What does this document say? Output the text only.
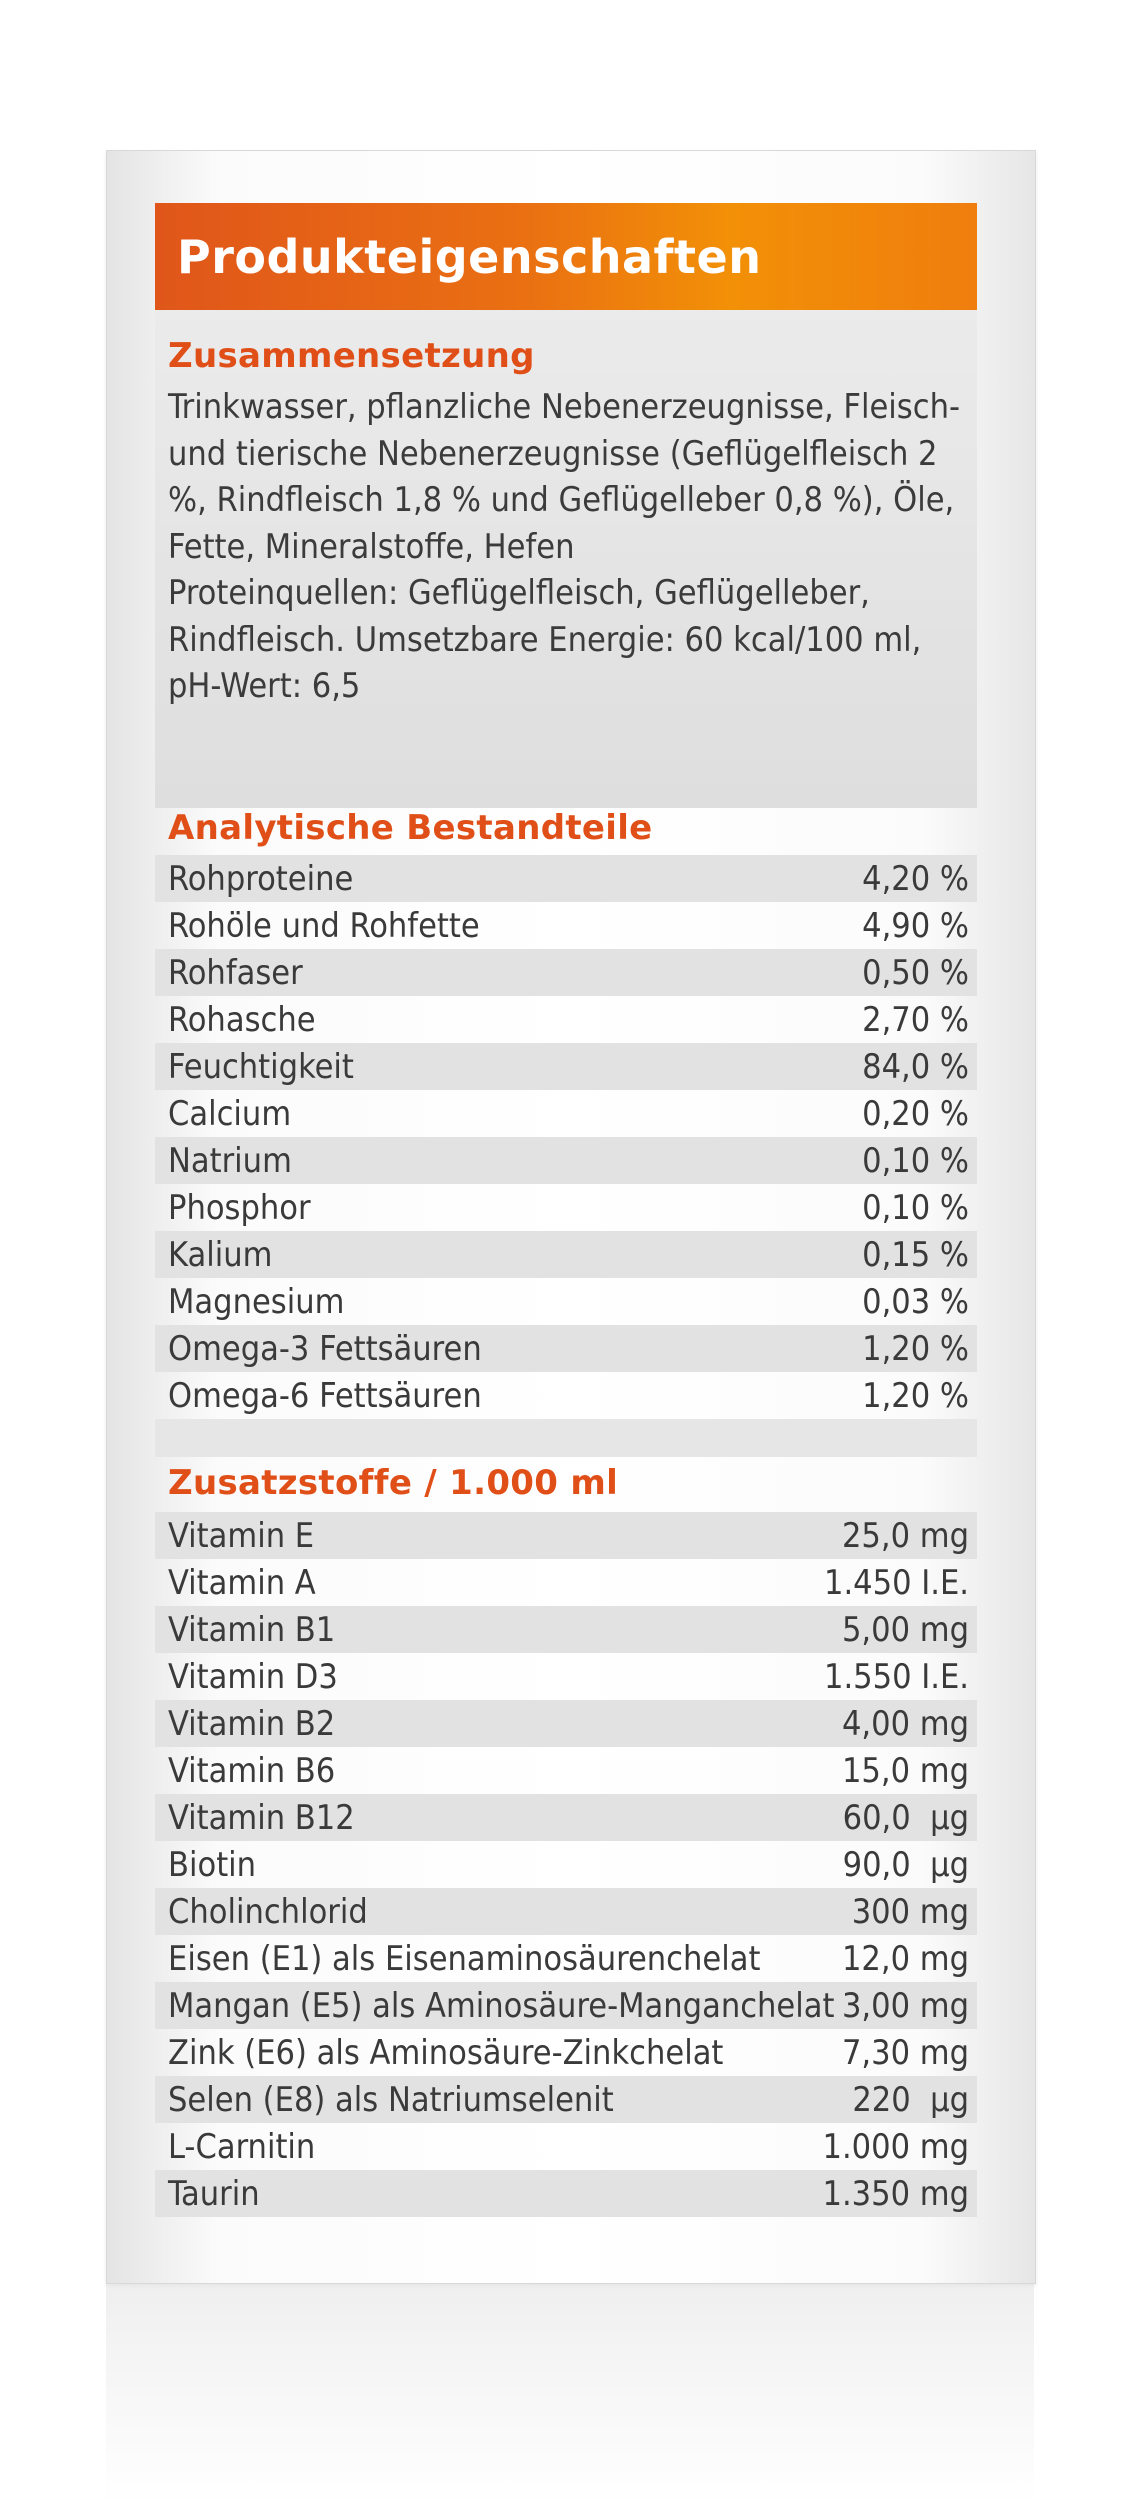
Produkteigenschaften
Zusammensetzung

Trinkwasser, pflanzliche Nebenerzeugnisse, Fleisch- und tierische Nebenerzeugnisse (Geflügelfleisch 2 %, Rindfleisch 1,8 % und Geflügelleber 0,8 %), Öle, Fette, Mineralstoffe, Hefen

Proteinquellen: Geflügelfleisch, Geflügelleber, Rindfleisch. Umsetzbare Energie: 60 kcal/100 ml, pH-Wert: 6,5

Analytische Bestandteile
Rohproteine	4,20 %
Rohöle und Rohfette	4,90 %
Rohfaser	0,50 %
Rohasche	2,70 %
Feuchtigkeit	84,0 %
Calcium	0,20 %
Natrium	0,10 %
Phosphor	0,10 %
Kalium	0,15 %
Magnesium	0,03 %
Omega-3 Fettsäuren	1,20 %
Omega-6 Fettsäuren	1,20 %
Zusatzstoffe / 1.000 ml
Vitamin E	25,0 mg
Vitamin A	1.450 I.E.
Vitamin B1	5,00 mg
Vitamin D3	1.550 I.E.
Vitamin B2	4,00 mg
Vitamin B6	15,0 mg
Vitamin B12	60,0  µg
Biotin	90,0  µg
Cholinchlorid	300 mg
Eisen (E1) als Eisenaminosäurenchelat 12,0 mg
Mangan (E5) als Aminosäure-Manganchelat 3,00 mg
Zink (E6) als Aminosäure-Zinkchelat	7,30 mg
Selen (E8) als Natriumselenit	220  µg
L-Carnitin	1.000 mg
Taurin	1.350 mg
